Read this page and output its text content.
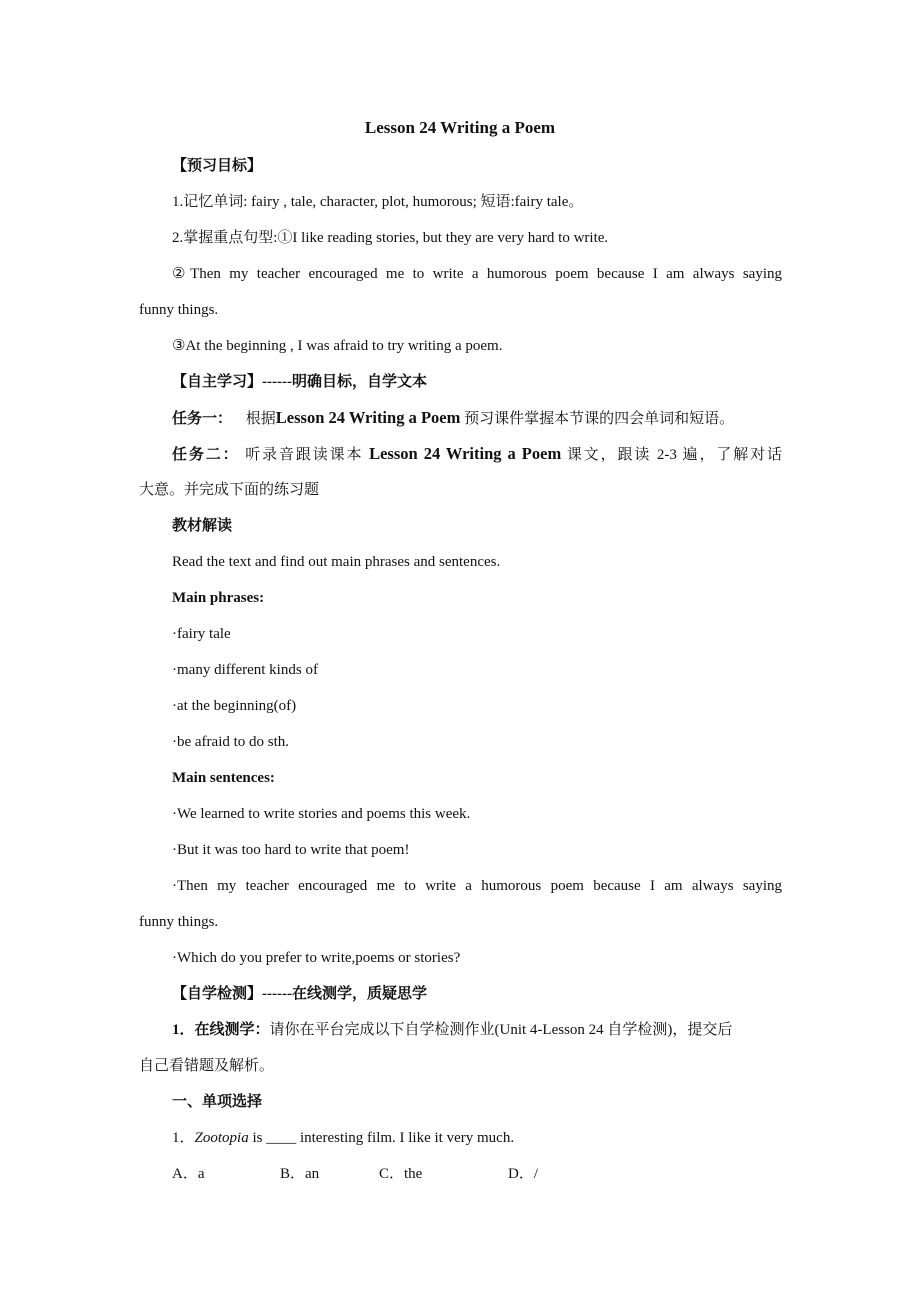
Lesson 24 Writing a Poem
【预习目标】
1.记忆单词: fairy , tale, character, plot, humorous; 短语:fairy tale。
2.掌握重点句型:①I like reading stories, but they are very hard to write.
②Then my teacher encouraged me to write a humorous poem because I am always saying
funny things.
③At the beginning , I was afraid to try writing a poem.
【自主学习】------明确目标，自学文本
任务一： 根据Lesson 24 Writing a Poem 预习课件掌握本节课的四会单词和短语。
任务二： 听录音跟读课本 Lesson 24 Writing a Poem 课文，跟读 2-3 遍，了解对话
大意。并完成下面的练习题
教材解读
Read the text and find out main phrases and sentences.
Main phrases:
·fairy tale
·many different kinds of
·at the beginning(of)
·be afraid to do sth.
Main sentences:
·We learned to write stories and poems this week.
·But it was too hard to write that poem!
·Then my teacher encouraged me to write a humorous poem because I am always saying
funny things.
·Which do you prefer to write,poems or stories?
【自学检测】------在线测学，质疑思学
1．在线测学：请你在平台完成以下自学检测作业(Unit 4-Lesson 24 自学检测)，提交后
自己看错题及解析。
一、单项选择
1．Zootopia is ____ interesting film. I like it very much.
A．a	B．an	C．the	D．/
